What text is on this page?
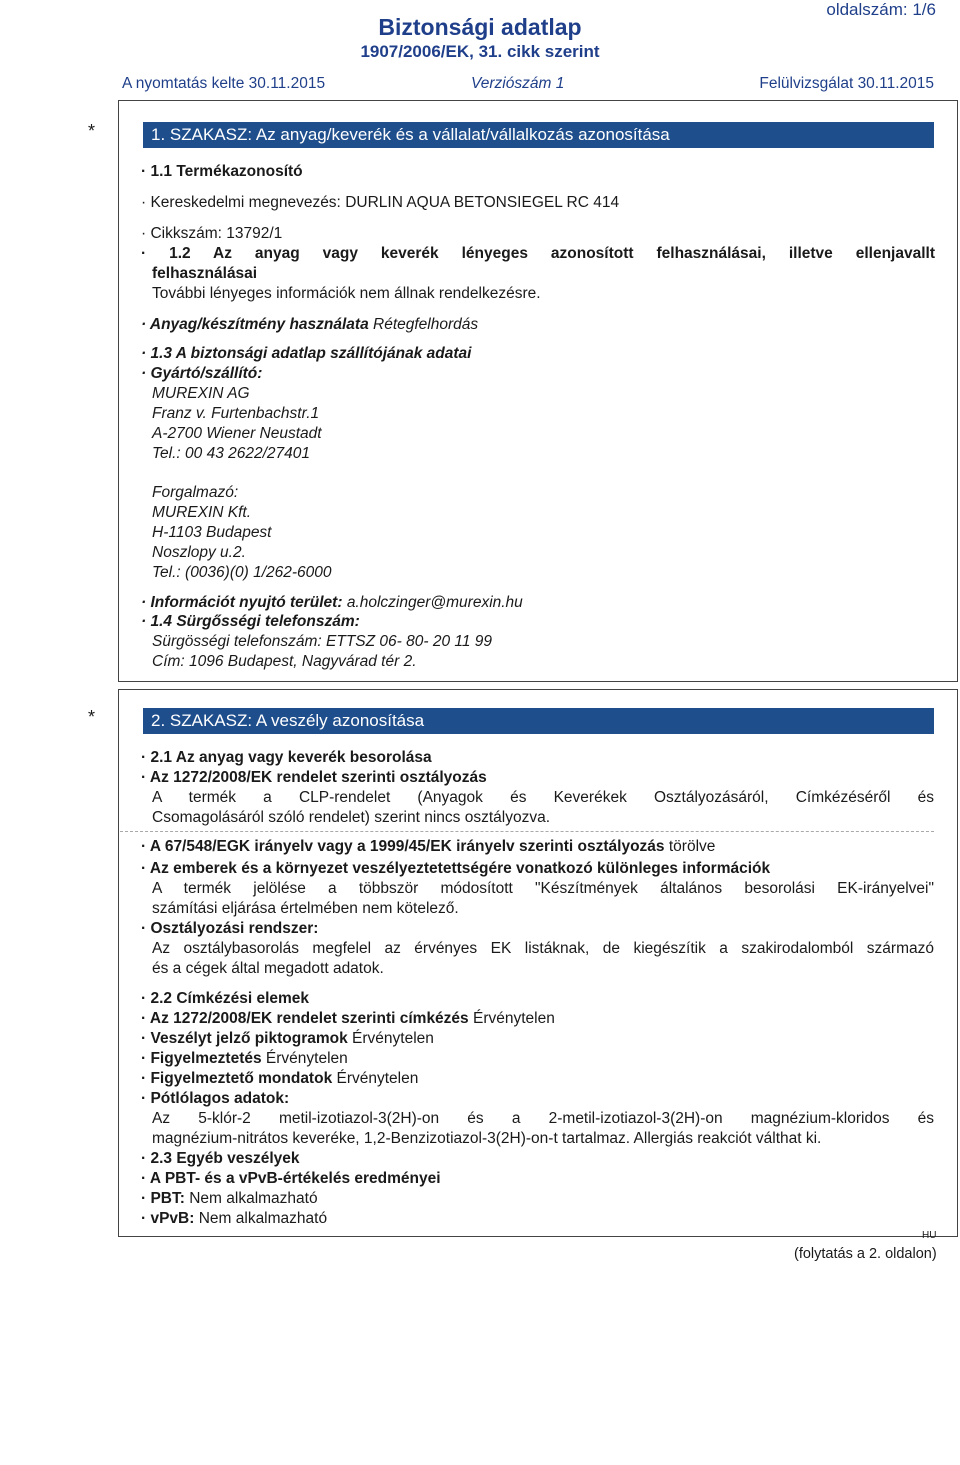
oldalszám: 1/6
Biztonsági adatlap
1907/2006/EK, 31. cikk szerint
A nyomtatás kelte 30.11.2015	Verziószám 1	Felülvizsgálat 30.11.2015
*	1. SZAKASZ: Az anyag/keverék és a vállalat/vállalkozás azonosítása
· 1.1 Termékazonosító
· Kereskedelmi megnevezés: DURLIN AQUA BETONSIEGEL RC 414
· Cikkszám: 13792/1
· 1.2 Az anyag vagy keverék lényeges azonosított felhasználásai, illetve ellenjavallt
felhasználásai
További lényeges információk nem állnak rendelkezésre.
· Anyag/készítmény használata Rétegfelhordás
· 1.3 A biztonsági adatlap szállítójának adatai
· Gyártó/szállító:
MUREXIN AG
Franz v. Furtenbachstr.1
A-2700 Wiener Neustadt
Tel.: 00 43 2622/27401
Forgalmazó:
MUREXIN Kft.
H-1103 Budapest
Noszlopy u.2.
Tel.: (0036)(0) 1/262-6000
· Információt nyujtó terület: a.holczinger@murexin.hu
· 1.4 Sürgősségi telefonszám:
Sürgösségi telefonszám: ETTSZ 06- 80- 20 11 99
Cím: 1096 Budapest, Nagyvárad tér 2.
*	2. SZAKASZ: A veszély azonosítása
· 2.1 Az anyag vagy keverék besorolása
· Az 1272/2008/EK rendelet szerinti osztályozás
A termék a CLP-rendelet (Anyagok és Keverékek Osztályozásáról, Címkézéséről és
Csomagolásáról szóló rendelet) szerint nincs osztályozva.
· A 67/548/EGK irányelv vagy a 1999/45/EK irányelv szerinti osztályozás törölve
· Az emberek és a környezet veszélyeztetettségére vonatkozó különleges információk
A termék jelölése a többször módosított "Készítmények általános besorolási EK-irányelvei"
számítási eljárása értelmében nem kötelező.
· Osztályozási rendszer:
Az osztálybasorolás megfelel az érvényes EK listáknak, de kiegészítik a szakirodalomból származó
és a cégek által megadott adatok.
· 2.2 Címkézési elemek
· Az 1272/2008/EK rendelet szerinti címkézés Érvénytelen
· Veszélyt jelző piktogramok Érvénytelen
· Figyelmeztetés Érvénytelen
· Figyelmeztető mondatok Érvénytelen
· Pótlólagos adatok:
Az 5-klór-2 metil-izotiazol-3(2H)-on és a 2-metil-izotiazol-3(2H)-on magnézium-kloridos és
magnézium-nitrátos keveréke, 1,2-Benzizotiazol-3(2H)-on-t tartalmaz. Allergiás reakciót válthat ki.
· 2.3 Egyéb veszélyek
· A PBT- és a vPvB-értékelés eredményei
· PBT: Nem alkalmazható
· vPvB: Nem alkalmazható
HU
(folytatás a 2. oldalon)
